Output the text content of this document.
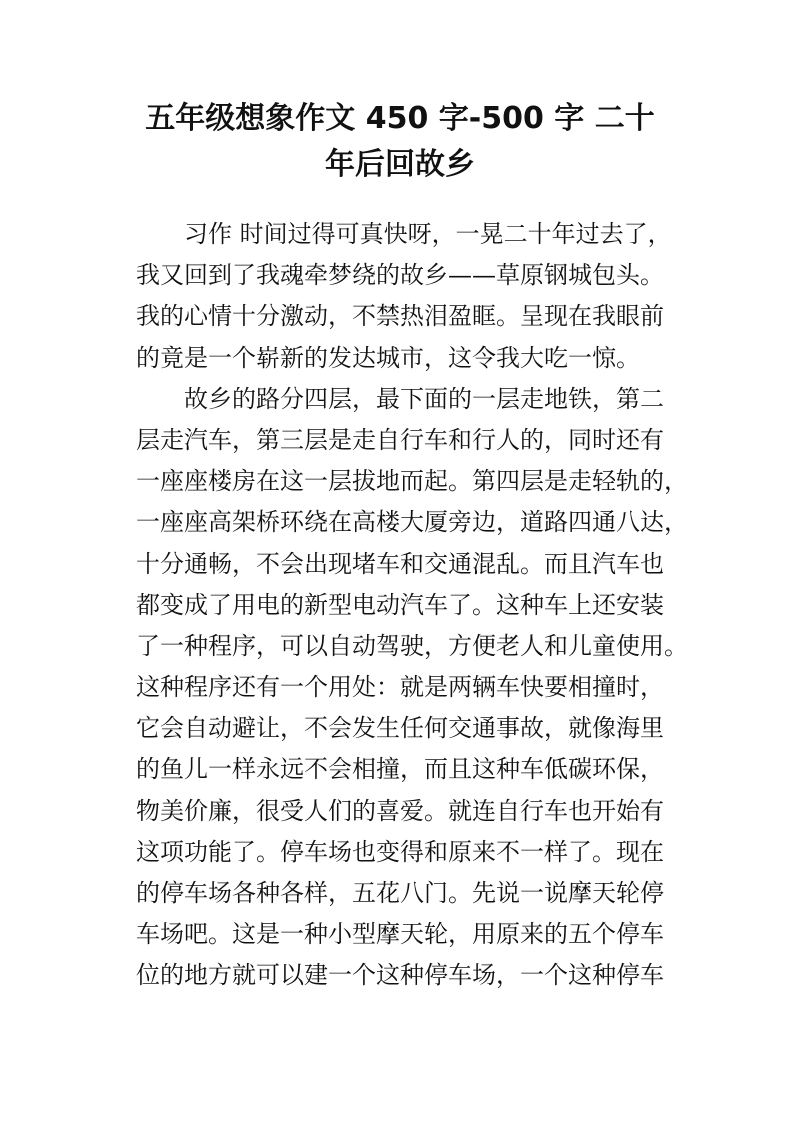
五年级想象作文 450 字-500 字 二十
年后回故乡
习作 时间过得可真快呀，一晃二十年过去了，
我又回到了我魂牵梦绕的故乡——草原钢城包头。
我的心情十分激动，不禁热泪盈眶。呈现在我眼前
的竟是一个崭新的发达城市，这令我大吃一惊。
故乡的路分四层，最下面的一层走地铁，第二
层走汽车，第三层是走自行车和行人的，同时还有
一座座楼房在这一层拔地而起。第四层是走轻轨的，
一座座高架桥环绕在高楼大厦旁边，道路四通八达，
十分通畅，不会出现堵车和交通混乱。而且汽车也
都变成了用电的新型电动汽车了。这种车上还安装
了一种程序，可以自动驾驶，方便老人和儿童使用。
这种程序还有一个用处：就是两辆车快要相撞时，
它会自动避让，不会发生任何交通事故，就像海里
的鱼儿一样永远不会相撞，而且这种车低碳环保，
物美价廉，很受人们的喜爱。就连自行车也开始有
这项功能了。停车场也变得和原来不一样了。现在
的停车场各种各样，五花八门。先说一说摩天轮停
车场吧。这是一种小型摩天轮，用原来的五个停车
位的地方就可以建一个这种停车场，一个这种停车
